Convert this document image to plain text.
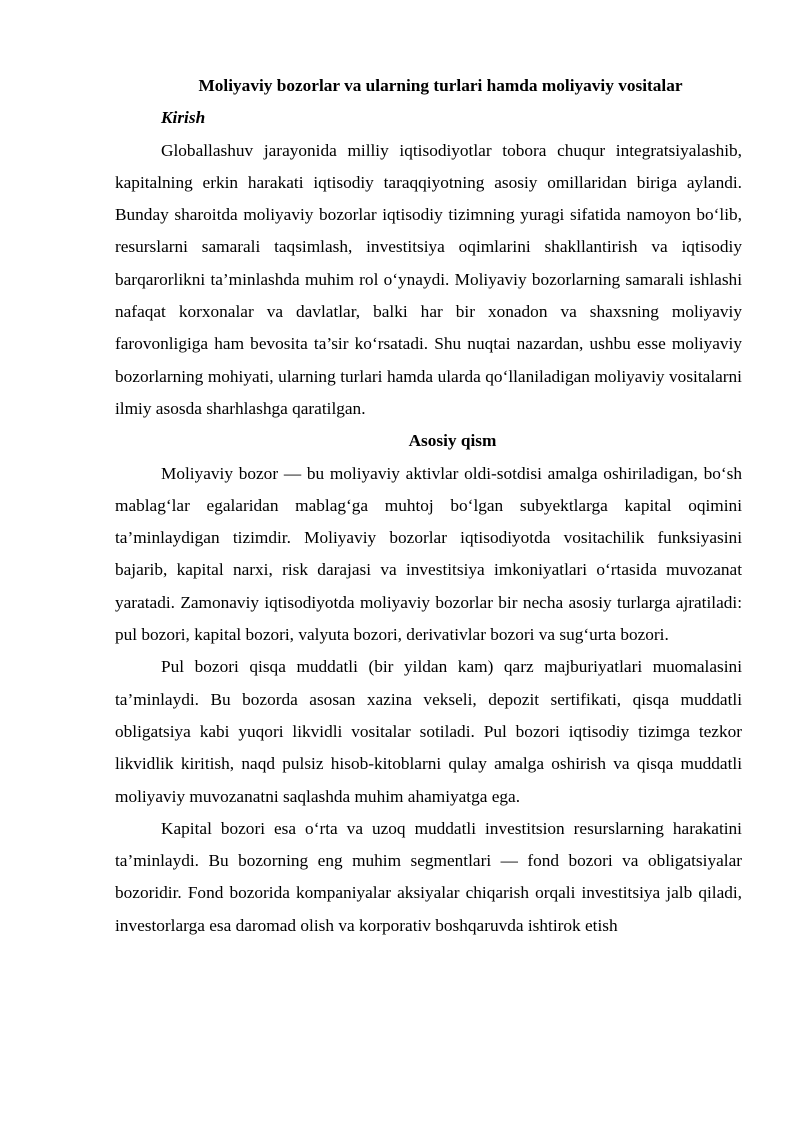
Moliyaviy bozorlar va ularning turlari hamda moliyaviy vositalar

Kirish

Globallashuv jarayonida milliy iqtisodiyotlar tobora chuqur integratsiyalashib, kapitalning erkin harakati iqtisodiy taraqqiyotning asosiy omillaridan biriga aylandi. Bunday sharoitda moliyaviy bozorlar iqtisodiy tizimning yuragi sifatida namoyon bo‘lib, resurslarni samarali taqsimlash, investitsiya oqimlarini shakllantirish va iqtisodiy barqarorlikni ta’minlashda muhim rol o‘ynaydi. Moliyaviy bozorlarning samarali ishlashi nafaqat korxonalar va davlatlar, balki har bir xonadon va shaxsning moliyaviy farovonligiga ham bevosita ta’sir ko‘rsatadi. Shu nuqtai nazardan, ushbu esse moliyaviy bozorlarning mohiyati, ularning turlari hamda ularda qo‘llaniladigan moliyaviy vositalarni ilmiy asosda sharhlashga qaratilgan.

Asosiy qism

Moliyaviy bozor — bu moliyaviy aktivlar oldi-sotdisi amalga oshiriladigan, bo‘sh mablag‘lar egalaridan mablag‘ga muhtoj bo‘lgan subyektlarga kapital oqimini ta’minlaydigan tizimdir. Moliyaviy bozorlar iqtisodiyotda vositachilik funksiyasini bajarib, kapital narxi, risk darajasi va investitsiya imkoniyatlari o‘rtasida muvozanat yaratadi. Zamonaviy iqtisodiyotda moliyaviy bozorlar bir necha asosiy turlarga ajratiladi: pul bozori, kapital bozori, valyuta bozori, derivativlar bozori va sug‘urta bozori.

Pul bozori qisqa muddatli (bir yildan kam) qarz majburiyatlari muomalasini ta’minlaydi. Bu bozorda asosan xazina vekseli, depozit sertifikati, qisqa muddatli obligatsiya kabi yuqori likvidli vositalar sotiladi. Pul bozori iqtisodiy tizimga tezkor likvidlik kiritish, naqd pulsiz hisob-kitoblarni qulay amalga oshirish va qisqa muddatli moliyaviy muvozanatni saqlashda muhim ahamiyatga ega.

Kapital bozori esa o‘rta va uzoq muddatli investitsion resurslarning harakatini ta’minlaydi. Bu bozorning eng muhim segmentlari — fond bozori va obligatsiyalar bozoridir. Fond bozorida kompaniyalar aksiyalar chiqarish orqali investitsiya jalb qiladi, investorlarga esa daromad olish va korporativ boshqaruvda ishtirok etish
